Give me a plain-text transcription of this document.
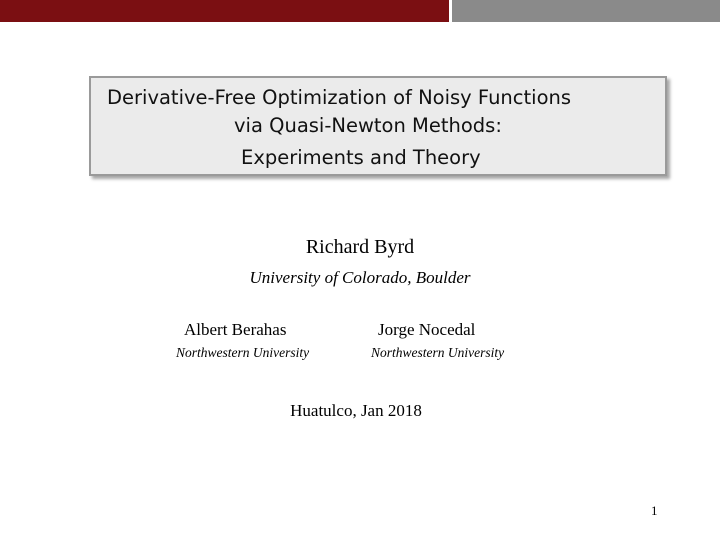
Derivative-Free Optimization of Noisy Functions
via Quasi-Newton Methods:
Experiments and Theory
Richard Byrd
University of Colorado, Boulder
Albert Berahas	Jorge Nocedal
Northwestern University	Northwestern University
Huatulco, Jan 2018
1
